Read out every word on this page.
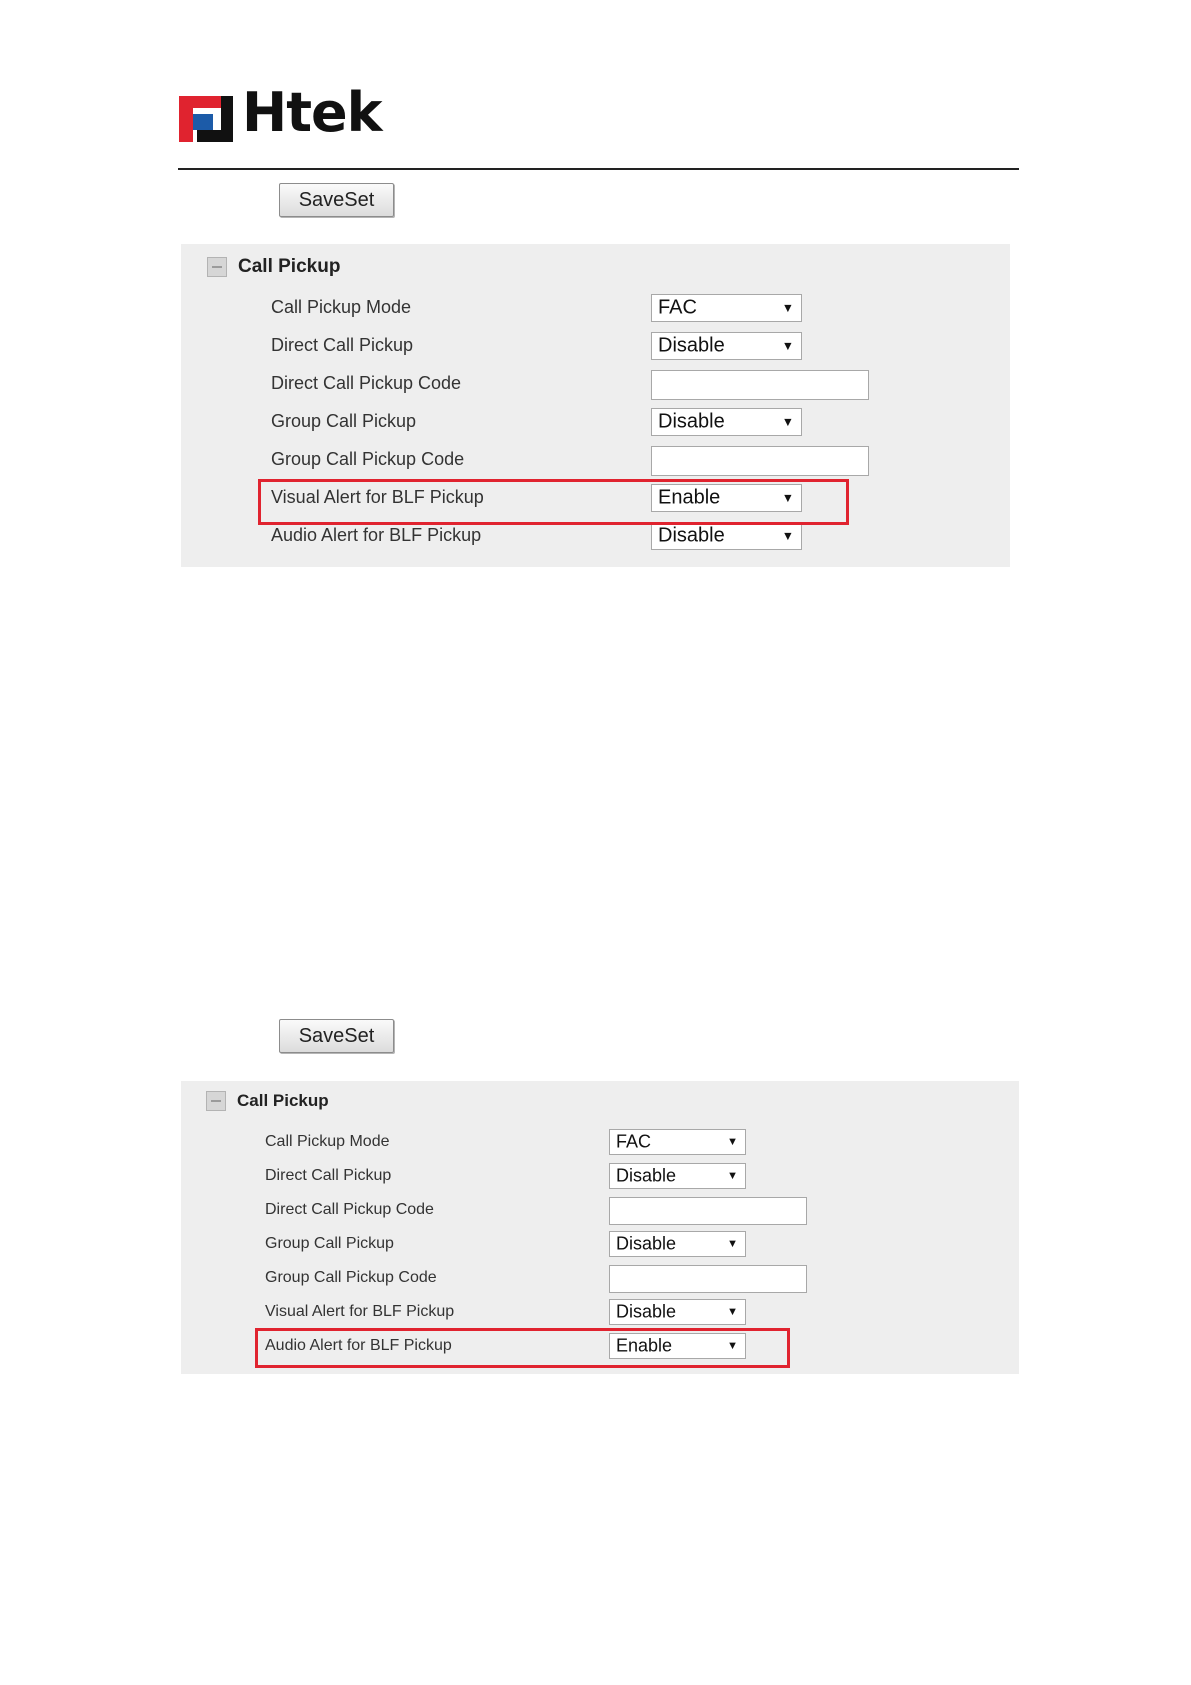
Htek
SaveSet
Call Pickup
Call Pickup Mode	FAC	▼
Direct Call Pickup	Disable	▼
Direct Call Pickup Code
Group Call Pickup	Disable	▼
Group Call Pickup Code
Visual Alert for BLF Pickup	Enable	▼
Audio Alert for BLF Pickup	Disable	▼
SaveSet
Call Pickup
Call Pickup Mode	FAC	▼
Direct Call Pickup	Disable	▼
Direct Call Pickup Code
Group Call Pickup	Disable	▼
Group Call Pickup Code
Visual Alert for BLF Pickup	Disable	▼
Audio Alert for BLF Pickup	Enable	▼
